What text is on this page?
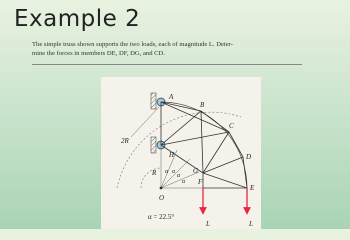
Example 2
The simple truss shown supports the two loads, each of magnitude L. Deter-
mine the forces in members DE, DF, DG, and CD.
A
B
C
D
E
F
G
H
O
R
2R
α α
α
α
α = 22.5°
L	L
